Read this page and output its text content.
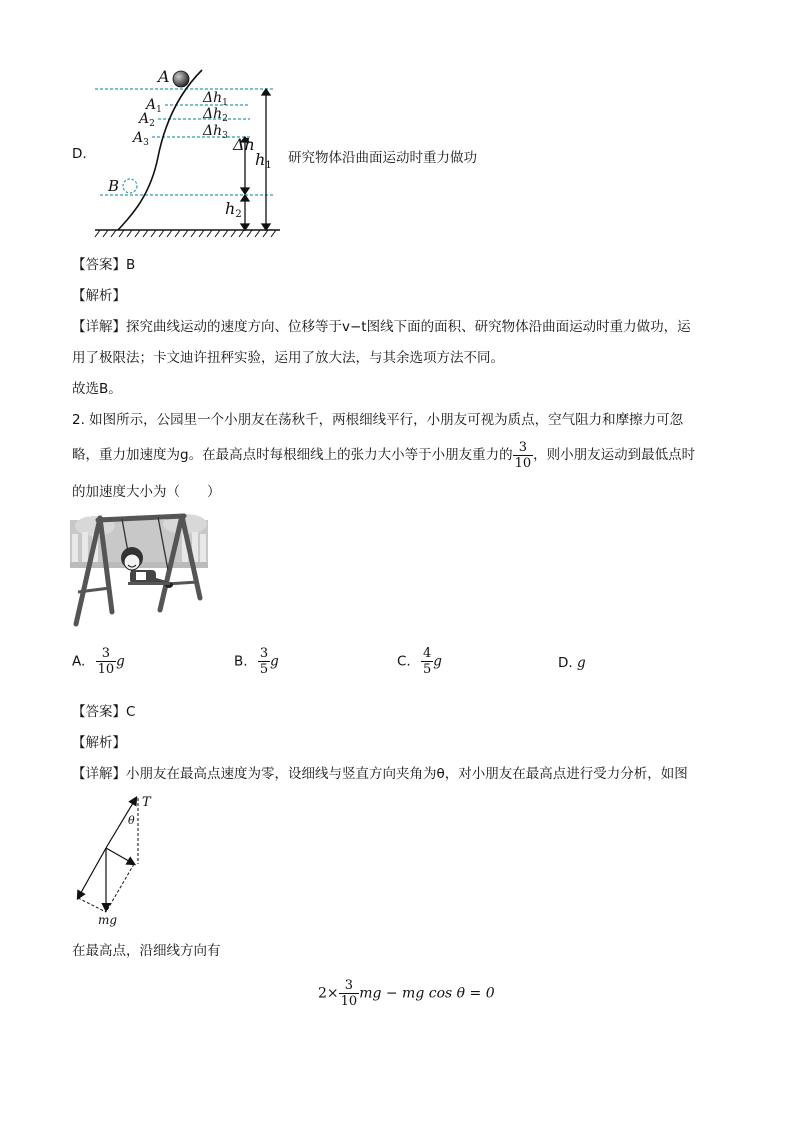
D.
A
$A_1$
$A_2$
$A_3$
B
$\Delta h_1$
$\Delta h_2$
$\Delta h_3$ Δh
h1
h2
研究物体沿曲面运动时重力做功
【答案】B
【解析】
【详解】探究曲线运动的速度方向、位移等于v−t图线下面的面积、研究物体沿曲面运动时重力做功，运
用了极限法；卡文迪许扭秤实验，运用了放大法，与其余选项方法不同。
故选B。
2. 如图所示，公园里一个小朋友在荡秋千，两根细线平行，小朋友可视为质点，空气阻力和摩擦力可忽
略，重力加速度为g。在最高点时每根细线上的张力大小等于小朋友重力的 $\frac{3}{10}$ ，则小朋友运动到最低点时
的加速度大小为（　　）
A. $\frac{3}{10}$ g	B. $\frac{3}{5}$ g	C. $\frac{4}{5}$ g	D. g
【答案】C
【解析】
【详解】小朋友在最高点速度为零，设细线与竖直方向夹角为θ，对小朋友在最高点进行受力分析，如图
T
θ
mg
在最高点，沿细线方向有
$2\times \frac{3}{10}$ mg − mg cos θ = 0
